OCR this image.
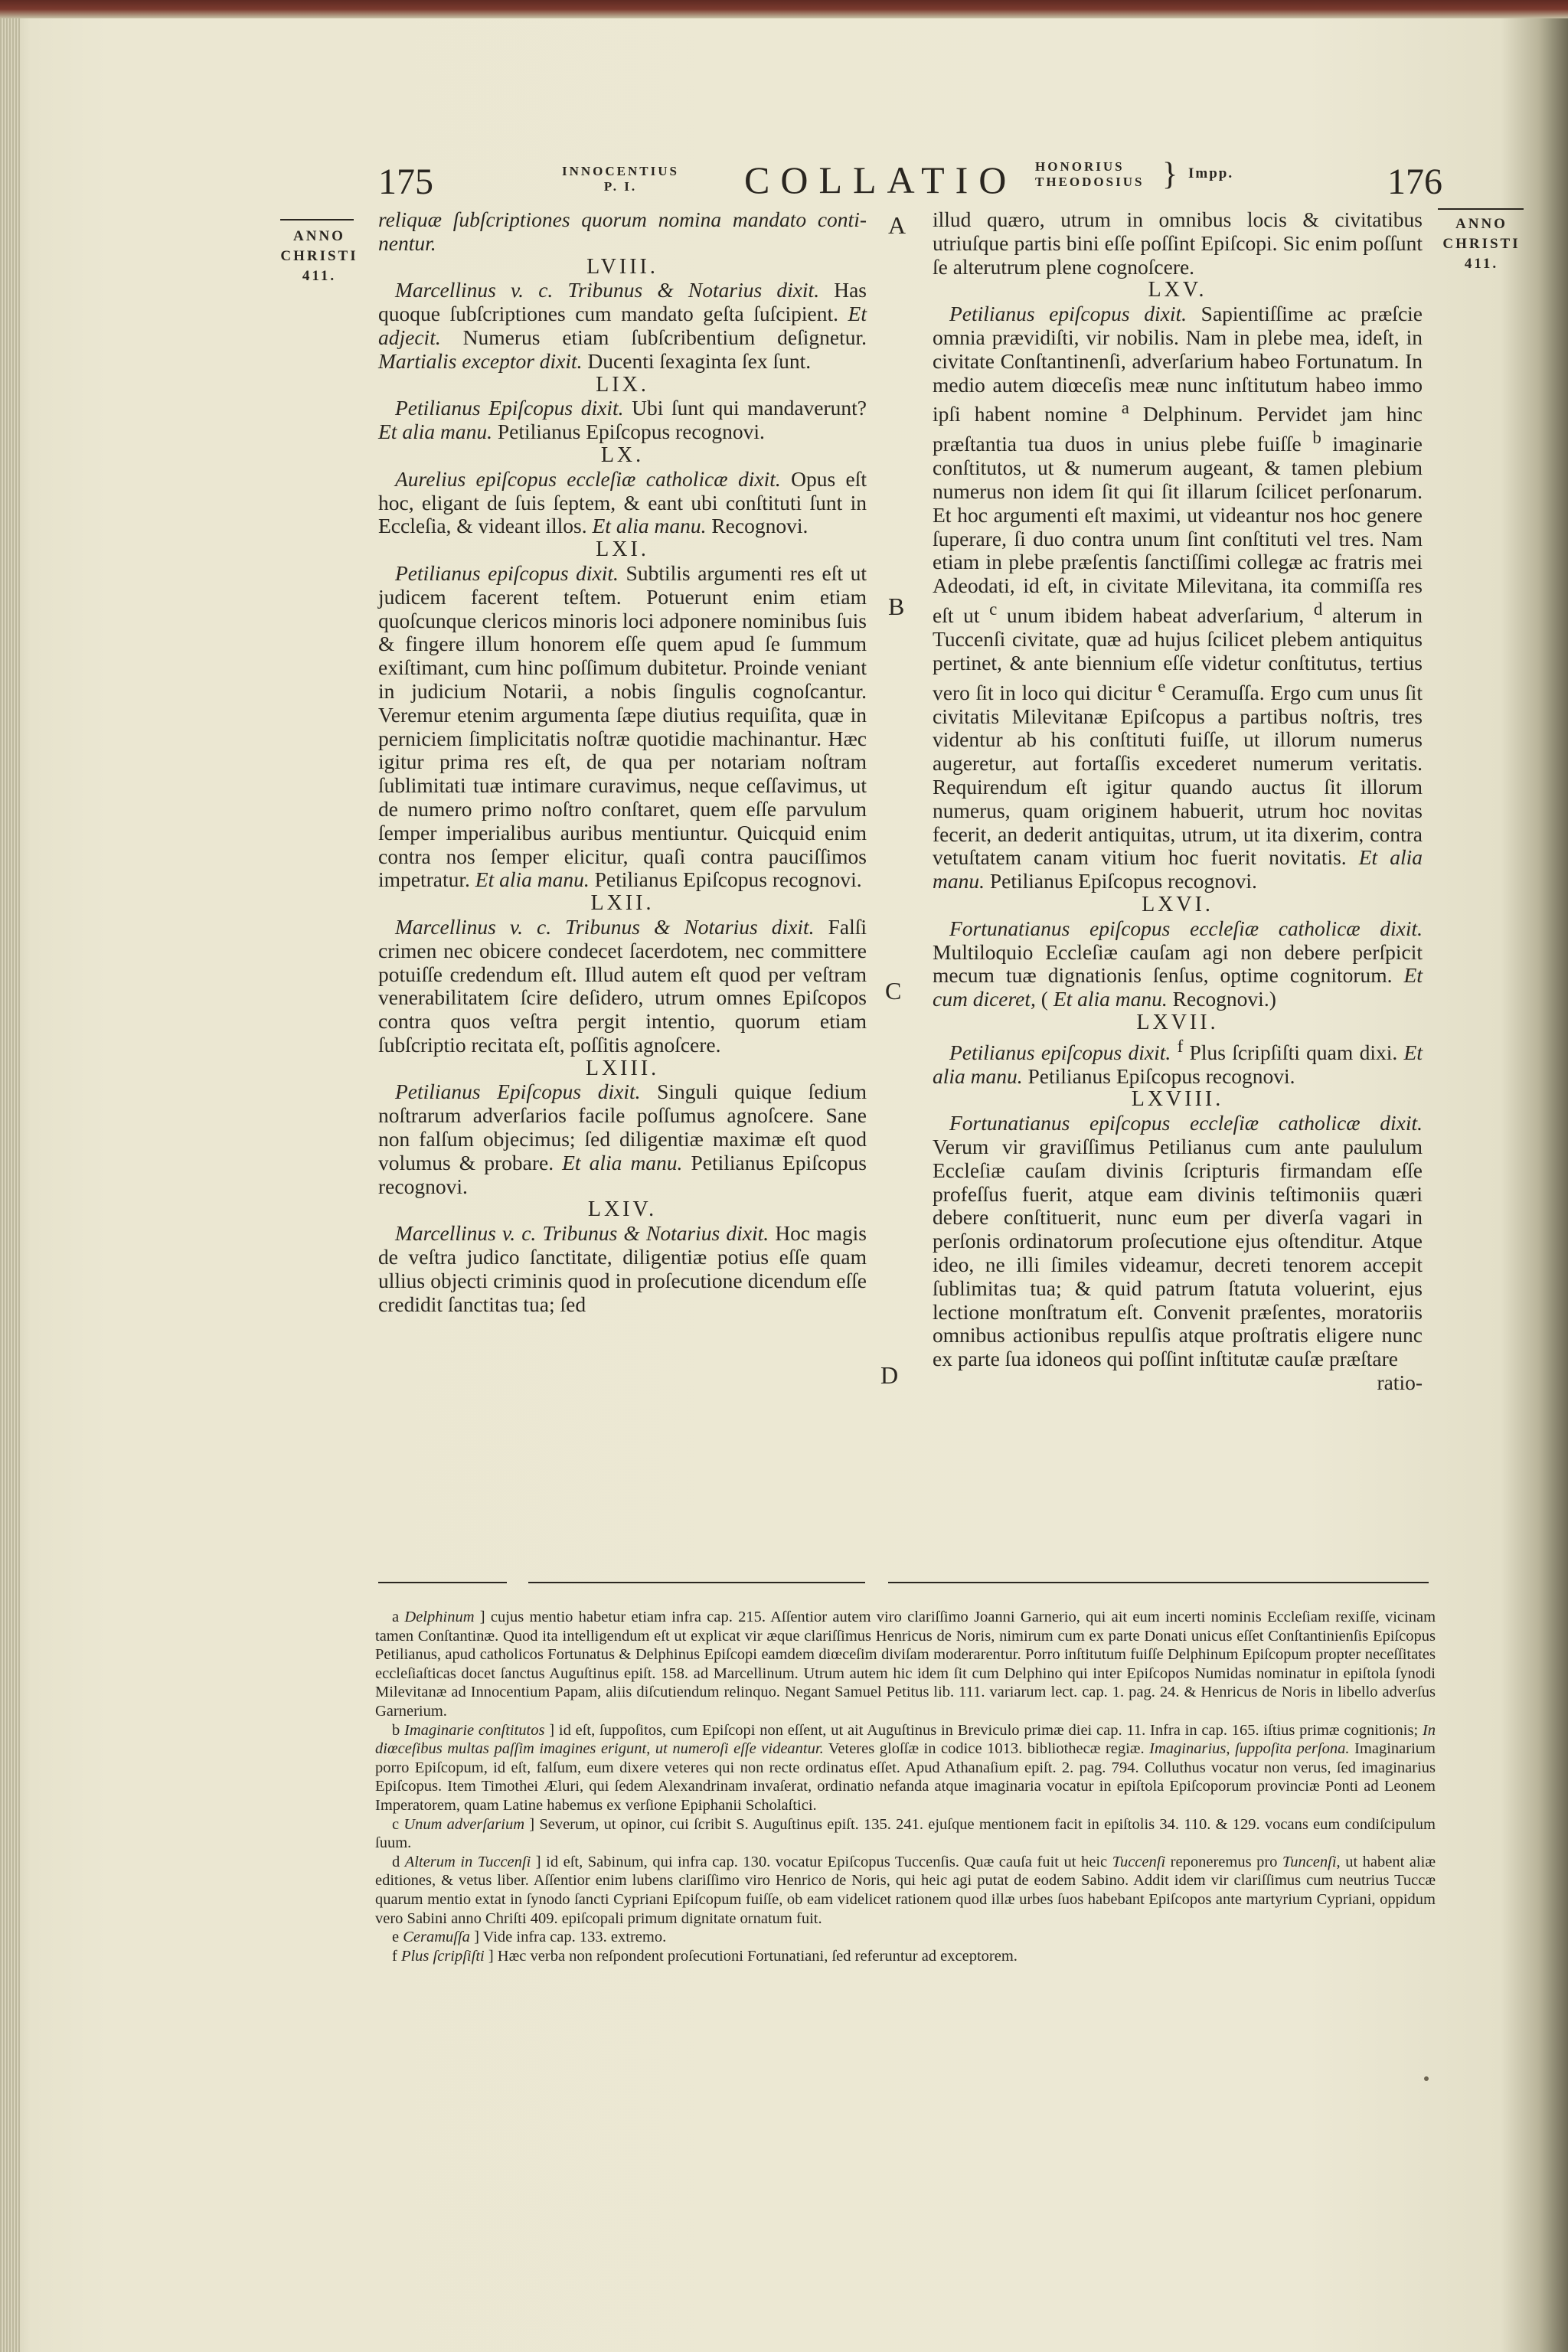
175	INNOCENTIUS
P. I.	COLLATIO HONORIUS
THEODOSIUS } Impp.	176
ANNO
CHRISTI
411.
ANNO
CHRISTI
411.
A
B
C
D

reliquæ ſubſcriptiones quorum nomina mandato conti- nentur.

LVIII.

Marcellinus v. c. Tribunus & Notarius dixit. Has quoque ſubſcriptiones cum mandato geſta ſuſcipient. Et adjecit. Numerus etiam ſubſcribentium deſignetur. Martialis exceptor dixit. Ducenti ſexaginta ſex ſunt.

LIX.

Petilianus Epiſcopus dixit. Ubi ſunt qui mandaverunt? Et alia manu. Petilianus Epiſcopus recognovi.

LX.

Aurelius epiſcopus eccleſiæ catholicæ dixit. Opus eſt hoc, eligant de ſuis ſeptem, & eant ubi conſtituti ſunt in Eccleſia, & videant illos. Et alia manu. Recognovi.

LXI.

Petilianus epiſcopus dixit. Subtilis argumenti res eſt ut judicem facerent teſtem. Potuerunt enim etiam quoſcunque clericos minoris loci adponere nominibus ſuis & fingere illum honorem eſſe quem apud ſe ſummum exiſtimant, cum hinc poſſimum dubitetur. Proinde veniant in judicium Notarii, a nobis ſingulis cognoſcantur. Veremur etenim argumenta ſæpe diutius requiſita, quæ in perniciem ſimplicitatis noſtræ quotidie machinantur. Hæc igitur prima res eſt, de qua per notariam noſtram ſublimitati tuæ intimare curavimus, neque ceſſavimus, ut de numero primo noſtro conſtaret, quem eſſe parvulum ſemper imperialibus auribus mentiuntur. Quicquid enim contra nos ſemper elicitur, quaſi contra pauciſſimos impetratur. Et alia manu. Petilianus Epiſcopus recognovi.

LXII.

Marcellinus v. c. Tribunus & Notarius dixit. Falſi crimen nec obicere condecet ſacerdotem, nec committere potuiſſe credendum eſt. Illud autem eſt quod per veſtram venerabilitatem ſcire deſidero, utrum omnes Epiſcopos contra quos veſtra pergit intentio, quorum etiam ſubſcriptio recitata eſt, poſſitis agnoſcere.

LXIII.

Petilianus Epiſcopus dixit. Singuli quique ſedium noſtrarum adverſarios facile poſſumus agnoſcere. Sane non falſum objecimus; ſed diligentiæ maximæ eſt quod volumus & probare. Et alia manu. Petilianus Epiſcopus recognovi.

LXIV.

Marcellinus v. c. Tribunus & Notarius dixit. Hoc magis de veſtra judico ſanctitate, diligentiæ potius eſſe quam ullius objecti criminis quod in proſecutione dicendum eſſe credidit ſanctitas tua; ſed

illud quæro, utrum in omnibus locis & civitatibus utriuſque partis bini eſſe poſſint Epiſcopi. Sic enim poſſunt ſe alterutrum plene cognoſcere.

LXV.

Petilianus epiſcopus dixit. Sapientiſſime ac præſcie omnia prævidiſti, vir nobilis. Nam in plebe mea, ideſt, in civitate Conſtantinenſi, adverſarium habeo Fortunatum. In medio autem diœceſis meæ nunc inſtitutum habeo immo ipſi habent nomine $^a$ Delphinum. Pervidet jam hinc præſtantia tua duos in unius plebe fuiſſe $^b$ imaginarie conſtitutos, ut & numerum augeant, & tamen plebium numerus non idem ſit qui ſit illarum ſcilicet perſonarum. Et hoc argumenti eſt maximi, ut videantur nos hoc genere ſuperare, ſi duo contra unum ſint conſtituti vel tres. Nam etiam in plebe præſentis ſanctiſſimi collegæ ac fratris mei Adeodati, id eſt, in civitate Milevitana, ita commiſſa res eſt ut $^c$ unum ibidem habeat adverſarium, $^d$ alterum in Tuccenſi civitate, quæ ad hujus ſcilicet plebem antiquitus pertinet, & ante biennium eſſe videtur conſtitutus, tertius vero ſit in loco qui dicitur $^e$ Ceramuſſa. Ergo cum unus ſit civitatis Milevitanæ Epiſcopus a partibus noſtris, tres videntur ab his conſtituti fuiſſe, ut illorum numerus augeretur, aut fortaſſis excederet numerum veritatis. Requirendum eſt igitur quando auctus ſit illorum numerus, quam originem habuerit, utrum hoc novitas fecerit, an dederit antiquitas, utrum, ut ita dixerim, contra vetuſtatem canam vitium hoc fuerit novitatis. Et alia manu. Petilianus Epiſcopus recognovi.

LXVI.

Fortunatianus epiſcopus eccleſiæ catholicæ dixit. Multiloquio Eccleſiæ cauſam agi non debere perſpicit mecum tuæ dignationis ſenſus, optime cognitorum. Et cum diceret, ( Et alia manu. Recognovi.)

LXVII.

Petilianus epiſcopus dixit. $^f$ Plus ſcripſiſti quam dixi. Et alia manu. Petilianus Epiſcopus recognovi.

LXVIII.

Fortunatianus epiſcopus eccleſiæ catholicæ dixit. Verum vir graviſſimus Petilianus cum ante paululum Eccleſiæ cauſam divinis ſcripturis firmandam eſſe profeſſus fuerit, atque eam divinis teſtimoniis quæri debere conſtituerit, nunc eum per diverſa vagari in perſonis ordinatorum proſecutione ejus oſtenditur. Atque ideo, ne illi ſimiles videamur, decreti tenorem accepit ſublimitas tua; & quid patrum ſtatuta voluerint, ejus lectione monſtratum eſt. Convenit præſentes, moratoriis omnibus actionibus repulſis atque proſtratis eligere nunc ex parte ſua idoneos qui poſſint inſtitutæ cauſæ præſtare

ratio-

a Delphinum ] cujus mentio habetur etiam infra cap. 215. Aſſentior autem viro clariſſimo Joanni Garnerio, qui ait eum incerti nominis Eccleſiam rexiſſe, vicinam tamen Conſtantinæ. Quod ita intelligendum eſt ut explicat vir æque clariſſimus Henricus de Noris, nimirum cum ex parte Donati unicus eſſet Conſtantinienſis Epiſcopus Petilianus, apud catholicos Fortunatus & Delphinus Epiſcopi eamdem diœceſim diviſam moderarentur. Porro inſtitutum fuiſſe Delphinum Epiſcopum propter neceſſitates eccleſiaſticas docet ſanctus Auguſtinus epiſt. 158. ad Marcellinum. Utrum autem hic idem ſit cum Delphino qui inter Epiſcopos Numidas nominatur in epiſtola ſynodi Milevitanæ ad Innocentium Papam, aliis diſcutiendum relinquo. Negant Samuel Petitus lib. 111. variarum lect. cap. 1. pag. 24. & Henricus de Noris in libello adverſus Garnerium.

b Imaginarie conſtitutos ] id eſt, ſuppoſitos, cum Epiſcopi non eſſent, ut ait Auguſtinus in Breviculo primæ diei cap. 11. Infra in cap. 165. iſtius primæ cognitionis; In diœceſibus multas paſſim imagines erigunt, ut numeroſi eſſe videantur. Veteres gloſſæ in codice 1013. bibliothecæ regiæ. Imaginarius, ſuppoſita perſona. Imaginarium porro Epiſcopum, id eſt, falſum, eum dixere veteres qui non recte ordinatus eſſet. Apud Athanaſium epiſt. 2. pag. 794. Colluthus vocatur non verus, ſed imaginarius Epiſcopus. Item Timothei Æluri, qui ſedem Alexandrinam invaſerat, ordinatio nefanda atque imaginaria vocatur in epiſtola Epiſcoporum provinciæ Ponti ad Leonem Imperatorem, quam Latine habemus ex verſione Epiphanii Scholaſtici.

c Unum adverſarium ] Severum, ut opinor, cui ſcribit S. Auguſtinus epiſt. 135. 241. ejuſque mentionem facit in epiſtolis 34. 110. & 129. vocans eum condiſcipulum ſuum.

d Alterum in Tuccenſi ] id eſt, Sabinum, qui infra cap. 130. vocatur Epiſcopus Tuccenſis. Quæ cauſa fuit ut heic Tuccenſi reponeremus pro Tuncenſi, ut habent aliæ editiones, & vetus liber. Aſſentior enim lubens clariſſimo viro Henrico de Noris, qui heic agi putat de eodem Sabino. Addit idem vir clariſſimus cum neutrius Tuccæ quarum mentio extat in ſynodo ſancti Cypriani Epiſcopum fuiſſe, ob eam videlicet rationem quod illæ urbes ſuos habebant Epiſcopos ante martyrium Cypriani, oppidum vero Sabini anno Chriſti 409. epiſcopali primum dignitate ornatum fuit.

e Ceramuſſa ] Vide infra cap. 133. extremo.

f Plus ſcripſiſti ] Hæc verba non reſpondent proſecutioni Fortunatiani, ſed referuntur ad exceptorem.
